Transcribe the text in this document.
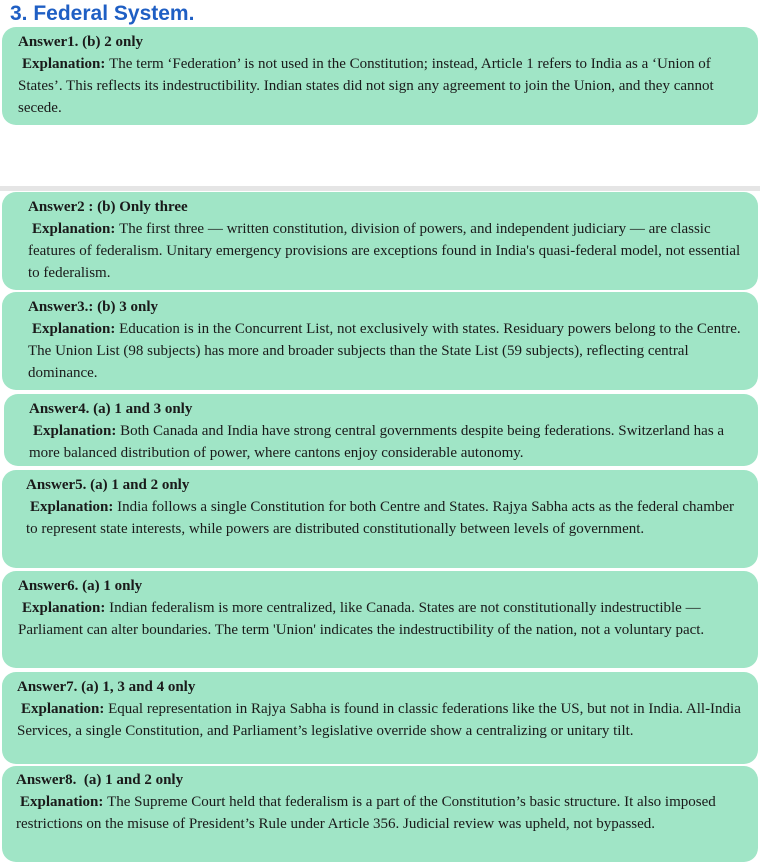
3. Federal System.
Answer1. (b) 2 only
Explanation: The term ‘Federation’ is not used in the Constitution; instead, Article 1 refers to India as a ‘Union of States’. This reflects its indestructibility. Indian states did not sign any agreement to join the Union, and they cannot secede.
Answer2 : (b) Only three
Explanation: The first three — written constitution, division of powers, and independent judiciary — are classic features of federalism. Unitary emergency provisions are exceptions found in India's quasi-federal model, not essential to federalism.
Answer3.: (b) 3 only
Explanation: Education is in the Concurrent List, not exclusively with states. Residuary powers belong to the Centre. The Union List (98 subjects) has more and broader subjects than the State List (59 subjects), reflecting central dominance.
Answer4. (a) 1 and 3 only
Explanation: Both Canada and India have strong central governments despite being federations. Switzerland has a more balanced distribution of power, where cantons enjoy considerable autonomy.
Answer5. (a) 1 and 2 only
Explanation: India follows a single Constitution for both Centre and States. Rajya Sabha acts as the federal chamber to represent state interests, while powers are distributed constitutionally between levels of government.
Answer6. (a) 1 only
Explanation: Indian federalism is more centralized, like Canada. States are not constitutionally indestructible — Parliament can alter boundaries. The term 'Union' indicates the indestructibility of the nation, not a voluntary pact.
Answer7. (a) 1, 3 and 4 only
Explanation: Equal representation in Rajya Sabha is found in classic federations like the US, but not in India. All-India Services, a single Constitution, and Parliament’s legislative override show a centralizing or unitary tilt.
Answer8.  (a) 1 and 2 only
Explanation: The Supreme Court held that federalism is a part of the Constitution’s basic structure. It also imposed restrictions on the misuse of President’s Rule under Article 356. Judicial review was upheld, not bypassed.
